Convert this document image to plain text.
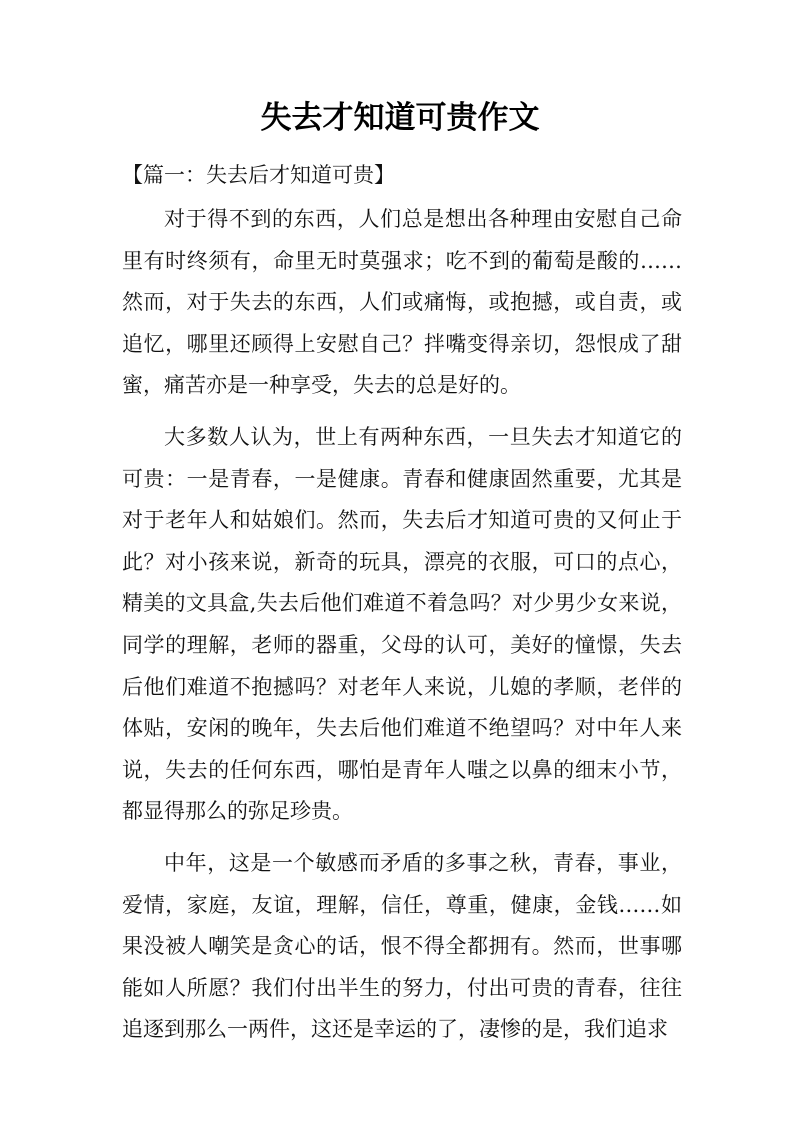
失去才知道可贵作文

【篇一：失去后才知道可贵】

对于得不到的东西，人们总是想出各种理由安慰自己命里有时终须有，命里无时莫强求；吃不到的葡萄是酸的……然而，对于失去的东西，人们或痛悔，或抱撼，或自责，或追忆，哪里还顾得上安慰自己？拌嘴变得亲切，怨恨成了甜蜜，痛苦亦是一种享受，失去的总是好的。

大多数人认为，世上有两种东西，一旦失去才知道它的可贵：一是青春，一是健康。青春和健康固然重要，尤其是对于老年人和姑娘们。然而，失去后才知道可贵的又何止于此？对小孩来说，新奇的玩具，漂亮的衣服，可口的点心，精美的文具盒,失去后他们难道不着急吗？对少男少女来说，同学的理解，老师的器重，父母的认可，美好的憧憬，失去后他们难道不抱撼吗？对老年人来说，儿媳的孝顺，老伴的体贴，安闲的晚年，失去后他们难道不绝望吗？对中年人来说，失去的任何东西，哪怕是青年人嗤之以鼻的细末小节，都显得那么的弥足珍贵。

中年，这是一个敏感而矛盾的多事之秋，青春，事业，爱情，家庭，友谊，理解，信任，尊重，健康，金钱……如果没被人嘲笑是贪心的话，恨不得全都拥有。然而，世事哪能如人所愿？我们付出半生的努力，付出可贵的青春，往往追逐到那么一两件，这还是幸运的了，凄惨的是，我们追求
